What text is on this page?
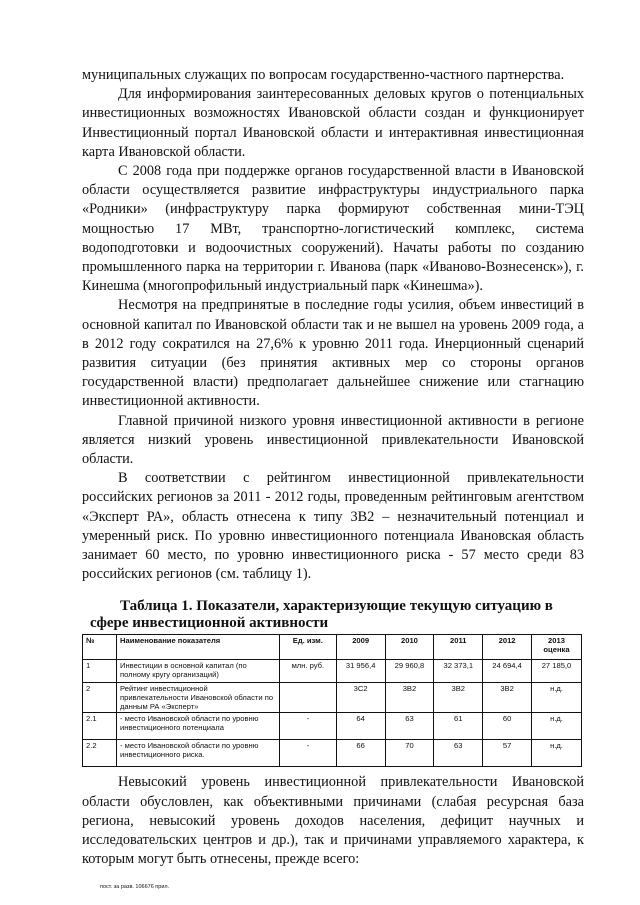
муниципальных служащих по вопросам государственно-частного партнерства.

Для информирования заинтересованных деловых кругов о потенциальных инвестиционных возможностях Ивановской области создан и функционирует Инвестиционный портал Ивановской области и интерактивная инвестиционная карта Ивановской области.

С 2008 года при поддержке органов государственной власти в Ивановской области осуществляется развитие инфраструктуры индустриального парка «Родники» (инфраструктуру парка формируют собственная мини-ТЭЦ мощностью 17 МВт, транспортно-логистический комплекс, система водоподготовки и водоочистных сооружений). Начаты работы по созданию промышленного парка на территории г. Иванова (парк «Иваново-Вознесенск»), г. Кинешма (многопрофильный индустриальный парк «Кинешма»).

Несмотря на предпринятые в последние годы усилия, объем инвестиций в основной капитал по Ивановской области так и не вышел на уровень 2009 года, а в 2012 году сократился на 27,6% к уровню 2011 года. Инерционный сценарий развития ситуации (без принятия активных мер со стороны органов государственной власти) предполагает дальнейшее снижение или стагнацию инвестиционной активности.

Главной причиной низкого уровня инвестиционной активности в регионе является низкий уровень инвестиционной привлекательности Ивановской области.

В соответствии с рейтингом инвестиционной привлекательности российских регионов за 2011 - 2012 годы, проведенным рейтинговым агентством «Эксперт РА», область отнесена к типу 3В2 – незначительный потенциал и умеренный риск. По уровню инвестиционного потенциала Ивановская область занимает 60 место, по уровню инвестиционного риска - 57 место среди 83 российских регионов (см. таблицу 1).

Таблица 1. Показатели, характеризующие текущую ситуацию в
сфере инвестиционной активности
№	Наименование показателя	Ед. изм.	2009	2010	2011	2012	2013 оценка
1	Инвестиции в основной капитал (по полному кругу организаций)	млн. руб.	31 956,4	29 960,8	32 373,1	24 694,4	27 185,0
2	Рейтинг инвестиционной привлекательности Ивановской области по данным РА «Эксперт»		3С2	3В2	3В2	3В2	н.д.
2.1	- место Ивановской области по уровню инвестиционного потенциала	-	64	63	61	60	н.д.
2.2	- место Ивановской области по уровню инвестиционного риска.	-	66	70	63	57	н.д.

Невысокий уровень инвестиционной привлекательности Ивановской области обусловлен, как объективными причинами (слабая ресурсная база региона, невысокий уровень доходов населения, дефицит научных и исследовательских центров и др.), так и причинами управляемого характера, к которым могут быть отнесены, прежде всего:

пост. за разв. 106676 прил.
